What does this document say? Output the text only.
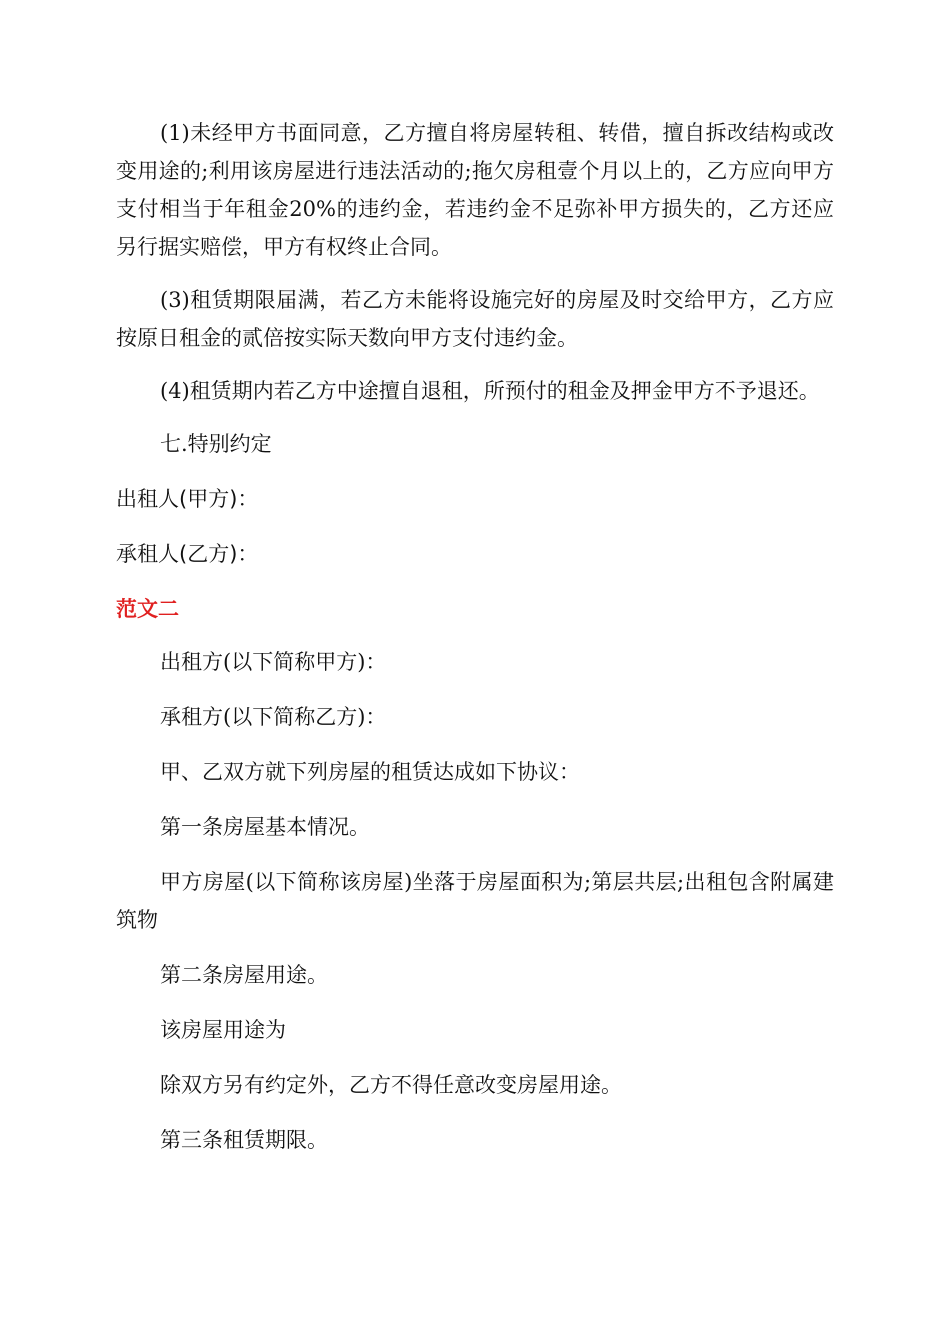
(1)未经甲方书面同意，乙方擅自将房屋转租、转借，擅自拆改结构或改变用途的;利用该房屋进行违法活动的;拖欠房租壹个月以上的，乙方应向甲方支付相当于年租金20%的违约金，若违约金不足弥补甲方损失的，乙方还应另行据实赔偿，甲方有权终止合同。

(3)租赁期限届满，若乙方未能将设施完好的房屋及时交给甲方，乙方应按原日租金的贰倍按实际天数向甲方支付违约金。

(4)租赁期内若乙方中途擅自退租，所预付的租金及押金甲方不予退还。

七.特别约定

出租人(甲方)：

承租人(乙方)：

范文二

出租方(以下简称甲方)：

承租方(以下简称乙方)：

甲、乙双方就下列房屋的租赁达成如下协议：

第一条房屋基本情况。

甲方房屋(以下简称该房屋)坐落于房屋面积为;第层共层;出租包含附属建筑物

第二条房屋用途。

该房屋用途为

除双方另有约定外，乙方不得任意改变房屋用途。

第三条租赁期限。
